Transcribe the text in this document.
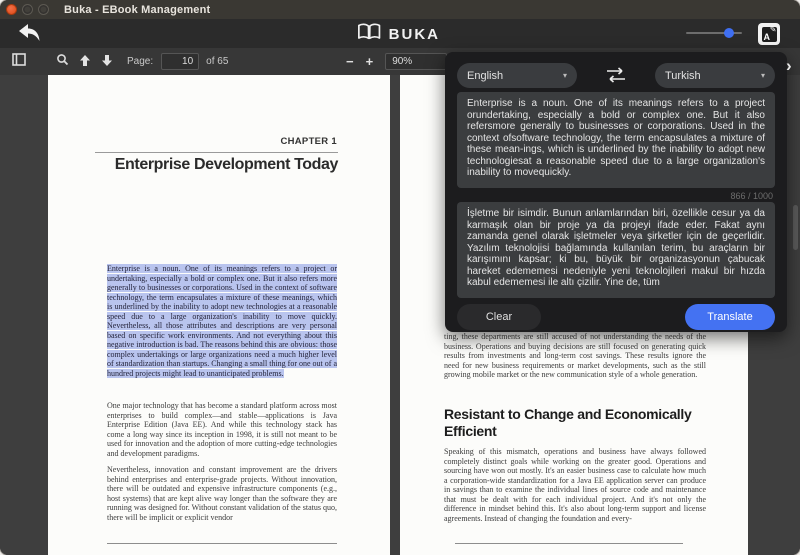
Buka - EBook Management
BUKA	A
✎
Page:
10	of 65	− +
90%
CHAPTER 1
Enterprise Development Today

Enterprise is a noun. One of its meanings refers to a project or undertaking, especially a bold or complex one. But it also refers more generally to businesses or corporations. Used in the context of software technology, the term encapsulates a mixture of these meanings, which is underlined by the inability to adopt new technologies at a reasonable speed due to a large organization's inability to move quickly. Nevertheless, all those attributes and descriptions are very personal based on specific work environments. And not everything about this negative introduction is bad. The reasons behind this are obvious: those complex undertakings or large organizations need a much higher level of standardization than startups. Changing a small thing for one out of a hundred projects might lead to unanticipated problems.

One major technology that has become a standard platform across most enterprises to build complex—and stable—applications is Java Enterprise Edition (Java EE). And while this technology stack has come a long way since its inception in 1998, it is still not meant to be used for innovation and the adoption of more cutting-edge technologies and development paradigms.

Nevertheless, innovation and constant improvement are the drivers behind enterprises and enterprise-grade projects. Without innovation, there will be outdated and expensive infrastructure components (e.g., host systems) that are kept alive way longer than the software they are running was designed for. Without constant validation of the status quo, there will be implicit or explicit vendor

ting, these departments are still accused of not understanding the needs of the business. Operations and buying decisions are still focused on generating quick results from investments and long-term cost savings. These results ignore the need for new business requirements or market developments, such as the still growing mobile market or the new communication style of a whole generation.

Resistant to Change and Economically Efficient

Speaking of this mismatch, operations and business have always followed completely distinct goals while working on the greater good. Operations and sourcing have won out mostly. It's an easier business case to calculate how much a corporation-wide standardization for a Java EE application server can produce in savings than to examine the individual lines of source code and maintenance that must be dealt with for each individual project. And it's not only the difference in mindset behind this. It's also about long-term support and license agreements. Instead of changing the foundation and every-

English	▾	Turkish	▾
Enterprise is a noun. One of its meanings refers to a project orundertaking, especially a bold or complex one. But it also refersmore generally to businesses or corporations. Used in the context ofsoftware technology, the term encapsulates a mixture of these mean-ings, which is underlined by the inability to adopt new technologiesat a reasonable speed due to a large organization's inability to movequickly.
866 / 1000
İşletme bir isimdir. Bunun anlamlarından biri, özellikle cesur ya da karmaşık olan bir proje ya da projeyi ifade eder. Fakat aynı zamanda genel olarak işletmeler veya şirketler için de geçerlidir. Yazılım teknolojisi bağlamında kullanılan terim, bu araçların bir karışımını kapsar; ki bu, büyük bir organizasyonun çabucak hareket edememesi nedeniyle yeni teknolojileri makul bir hızda kabul edememesi ile altı çizilir. Yine de, tüm
Clear	Translate
›
